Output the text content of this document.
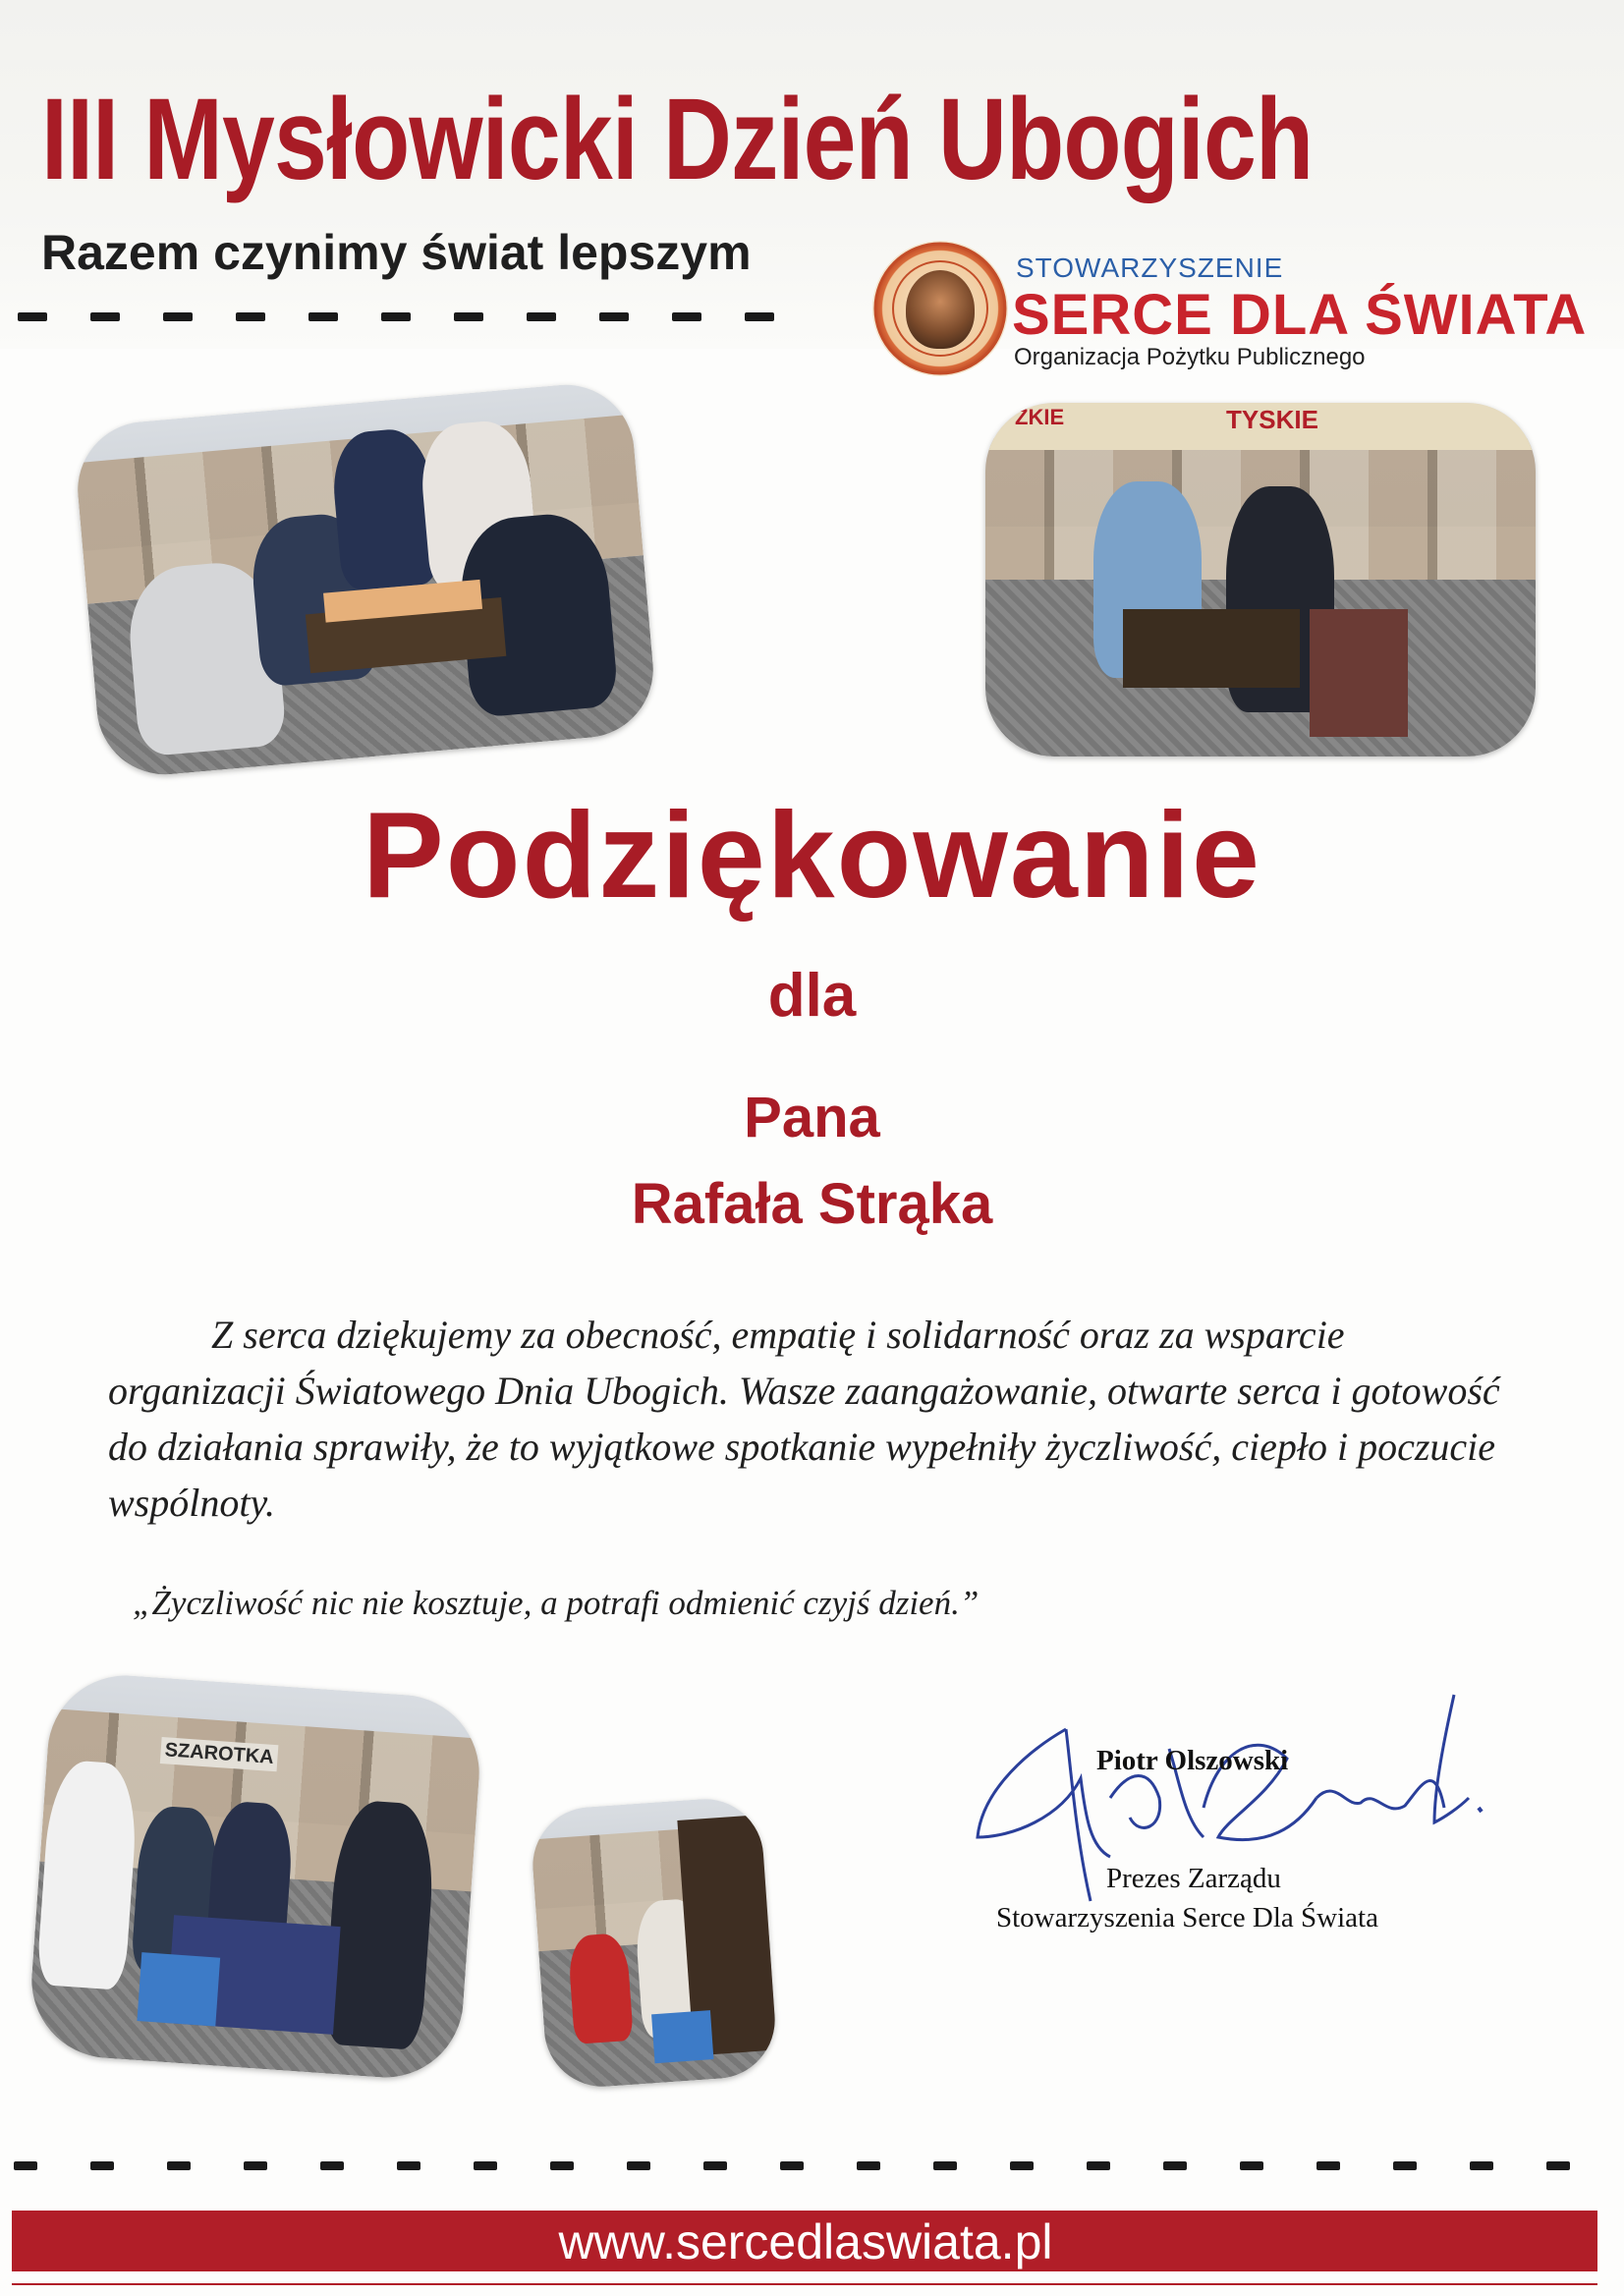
III Mysłowicki Dzień Ubogich
Razem czynimy świat lepszym	STOWARZYSZENIE
SERCE DLA ŚWIATA
Organizacja Pożytku Publicznego
TYSKIE
ŻKIE
Podziękowanie
dla
Pana
Rafała Strąka
Z serca dziękujemy za obecność, empatię i solidarność oraz za wsparcie organizacji Światowego Dnia Ubogich. Wasze zaangażowanie, otwarte serca i gotowość do działania sprawiły, że to wyjątkowe spotkanie wypełniły życzliwość, ciepło i poczucie wspólnoty.
„Życzliwość nic nie kosztuje, a potrafi odmienić czyjś dzień.”
SZAROTKA	Piotr Olszowski
Prezes Zarządu
Stowarzyszenia Serce Dla Świata
www.sercedlaswiata.pl
